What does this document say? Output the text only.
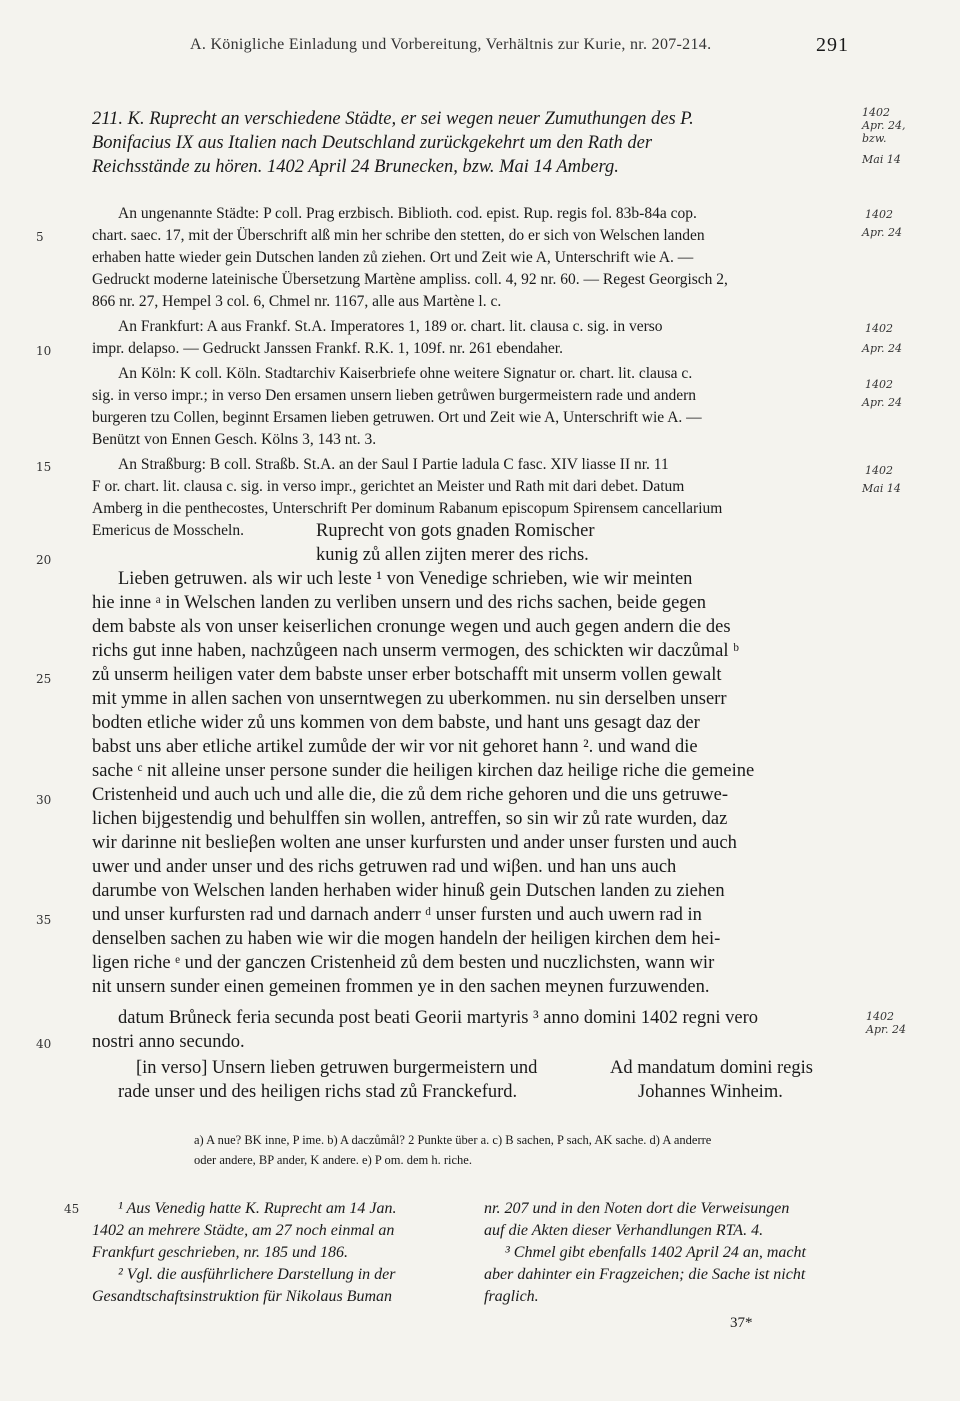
A. Königliche Einladung und Vorbereitung, Verhältnis zur Kurie, nr. 207-214.	291
211. K. Ruprecht an verschiedene Städte, er sei wegen neuer Zumuthungen des P.
Bonifacius IX aus Italien nach Deutschland zurückgekehrt um den Rath der
Reichsstände zu hören. 1402 April 24 Brunecken, bzw. Mai 14 Amberg.
1402
Apr. 24,
bzw.
Mai 14
An ungenannte Städte: P coll. Prag erzbisch. Biblioth. cod. epist. Rup. regis fol. 83b-84a cop.
chart. saec. 17, mit der Überschrift alß min her schribe den stetten, do er sich von Welschen landen
erhaben hatte wieder gein Dutschen landen zů ziehen. Ort und Zeit wie A, Unterschrift wie A. —
Gedruckt moderne lateinische Übersetzung Martène ampliss. coll. 4, 92 nr. 60. — Regest Georgisch 2,
866 nr. 27, Hempel 3 col. 6, Chmel nr. 1167, alle aus Martène l. c.
An Frankfurt: A aus Frankf. St.A. Imperatores 1, 189 or. chart. lit. clausa c. sig. in verso
impr. delapso. — Gedruckt Janssen Frankf. R.K. 1, 109f. nr. 261 ebendaher.
An Köln: K coll. Köln. Stadtarchiv Kaiserbriefe ohne weitere Signatur or. chart. lit. clausa c.
sig. in verso impr.; in verso Den ersamen unsern lieben getrůwen burgermeistern rade und andern
burgeren tzu Collen, beginnt Ersamen lieben getruwen. Ort und Zeit wie A, Unterschrift wie A. —
Benützt von Ennen Gesch. Kölns 3, 143 nt. 3.
An Straßburg: B coll. Straßb. St.A. an der Saul I Partie ladula C fasc. XIV liasse II nr. 11
F or. chart. lit. clausa c. sig. in verso impr., gerichtet an Meister und Rath mit dari debet. Datum
Amberg in die penthecostes, Unterschrift Per dominum Rabanum episcopum Spirensem cancellarium
Emericus de Mosscheln.
1402
Apr. 24
1402
Apr. 24
1402
Apr. 24
1402
Mai 14
Ruprecht von gots gnaden Romischer
kunig zů allen zijten merer des richs.
Lieben getruwen. als wir uch leste ¹ von Venedige schrieben, wie wir meinten
hie inne ᵃ in Welschen landen zu verliben unsern und des richs sachen, beide gegen
dem babste als von unser keiserlichen cronunge wegen und auch gegen andern die des
richs gut inne haben, nachzůgeen nach unserm vermogen, des schickten wir daczůmal ᵇ
zů unserm heiligen vater dem babste unser erber botschafft mit unserm vollen gewalt
mit ymme in allen sachen von unserntwegen zu uberkommen. nu sin derselben unserr
bodten etliche wider zů uns kommen von dem babste, und hant uns gesagt daz der
babst uns aber etliche artikel zumůde der wir vor nit gehoret hann ². und wand die
sache ᶜ nit alleine unser persone sunder die heiligen kirchen daz heilige riche die gemeine
Cristenheid und auch uch und alle die, die zů dem riche gehoren und die uns getruwe-
lichen bijgestendig und behulffen sin wollen, antreffen, so sin wir zů rate wurden, daz
wir darinne nit beslieβen wolten ane unser kurfursten und ander unser fursten und auch
uwer und ander unser und des richs getruwen rad und wiβen. und han uns auch
darumbe von Welschen landen herhaben wider hinuß gein Dutschen landen zu ziehen
und unser kurfursten rad und darnach anderr ᵈ unser fursten und auch uwern rad in
denselben sachen zu haben wie wir die mogen handeln der heiligen kirchen dem hei-
ligen riche ᵉ und der ganczen Cristenheid zů dem besten und nuczlichsten, wann wir
nit unsern sunder einen gemeinen frommen ye in den sachen meynen furzuwenden.
datum Brůneck feria secunda post beati Georii martyris ³ anno domini 1402 regni vero
nostri anno secundo.
1402
Apr. 24
[in verso] Unsern lieben getruwen burgermeistern und
rade unser und des heiligen richs stad zů Franckefurd.
Ad mandatum domini regis
Johannes Winheim.
a) A nue? BK inne, P ime. b) A daczůmål? 2 Punkte über a. c) B sachen, P sach, AK sache. d) A anderre
oder andere, BP ander, K andere. e) P om. dem h. riche.
¹ Aus Venedig hatte K. Ruprecht am 14 Jan.
1402 an mehrere Städte, am 27 noch einmal an
Frankfurt geschrieben, nr. 185 und 186.
² Vgl. die ausführlichere Darstellung in der
Gesandtschaftsinstruktion für Nikolaus Buman
nr. 207 und in den Noten dort die Verweisungen
auf die Akten dieser Verhandlungen RTA. 4.
³ Chmel gibt ebenfalls 1402 April 24 an, macht
aber dahinter ein Fragzeichen; die Sache ist nicht
fraglich.
37*
5
10
15
20
25
30
35
40
45
